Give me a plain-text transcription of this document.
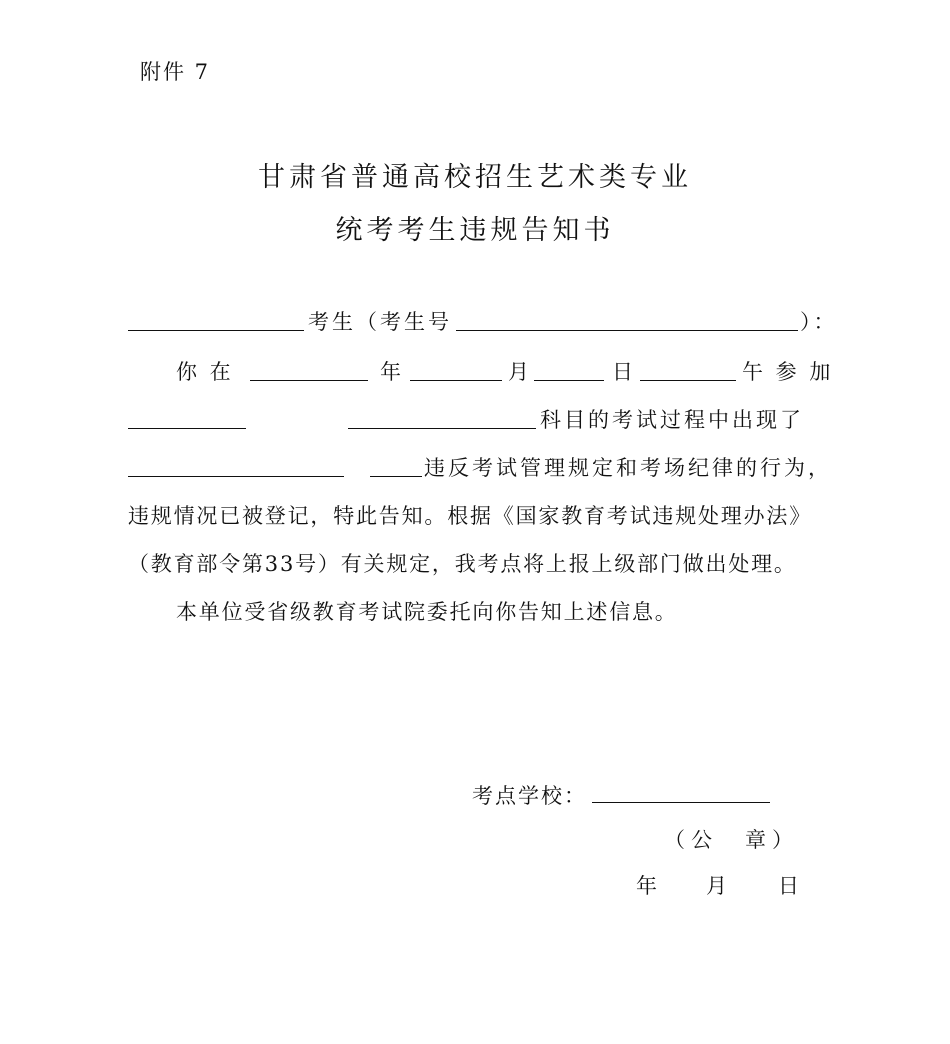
附件 7
甘肃省普通高校招生艺术类专业
统考考生违规告知书
考生（考生号	）：
你 在	年	月	日	午 参 加
科目的考试过程中出现了
违反考试管理规定和考场纪律的行为，
违规情况已被登记，特此告知。根据《国家教育考试违规处理办法》
（教育部令第33号）有关规定，我考点将上报上级部门做出处理。
本单位受省级教育考试院委托向你告知上述信息。
考点学校：
（公　章）
年 月 日
